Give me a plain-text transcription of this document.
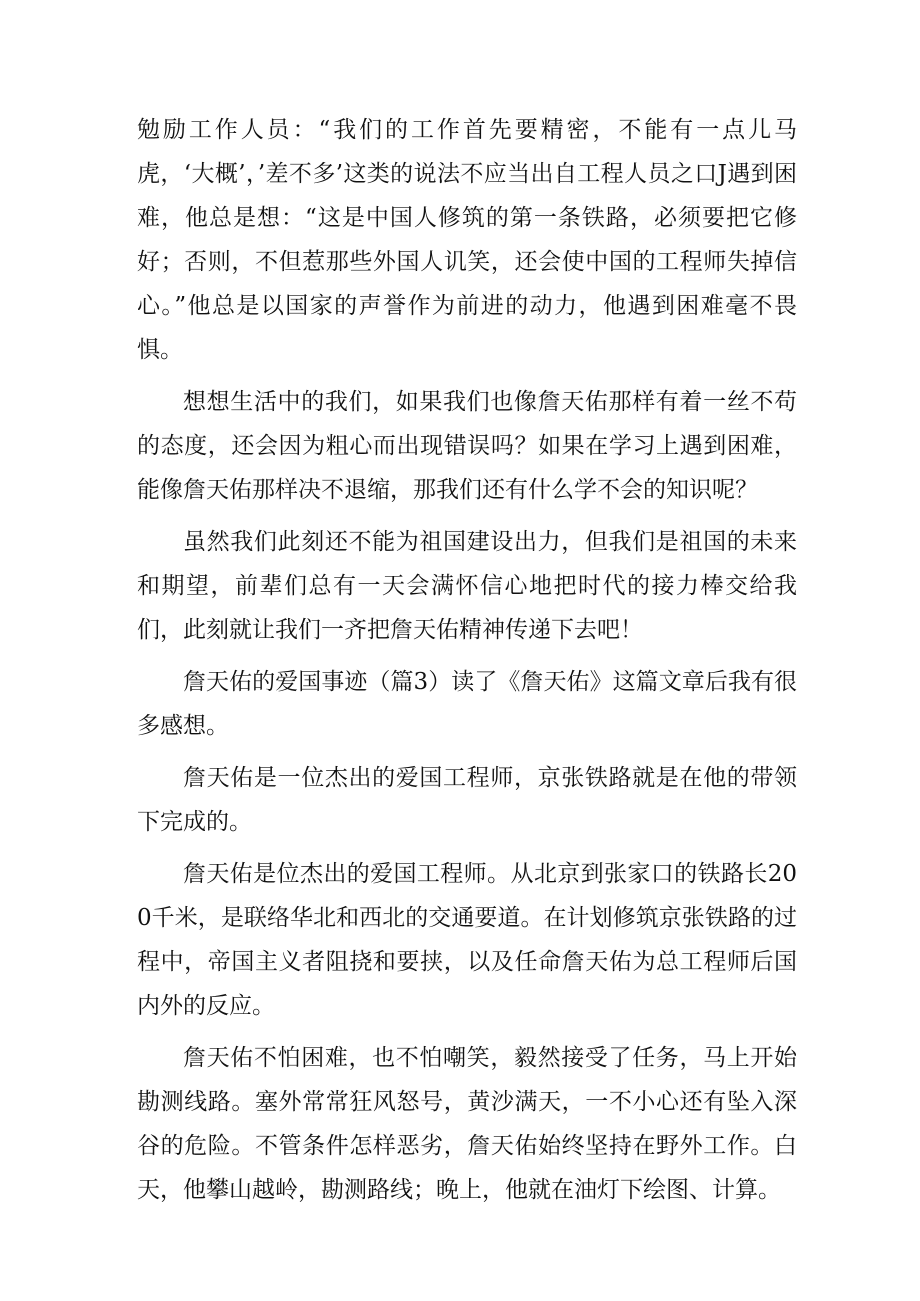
勉励工作人员：“我们的工作首先要精密，不能有一点儿马虎，‘大概’，’差不多’这类的说法不应当出自工程人员之口J遇到困难，他总是想：“这是中国人修筑的第一条铁路，必须要把它修好；否则，不但惹那些外国人讥笑，还会使中国的工程师失掉信心。”他总是以国家的声誉作为前进的动力，他遇到困难毫不畏惧。

想想生活中的我们，如果我们也像詹天佑那样有着一丝不苟的态度，还会因为粗心而出现错误吗？如果在学习上遇到困难，能像詹天佑那样决不退缩，那我们还有什么学不会的知识呢？

虽然我们此刻还不能为祖国建设出力，但我们是祖国的未来和期望，前辈们总有一天会满怀信心地把时代的接力棒交给我们，此刻就让我们一齐把詹天佑精神传递下去吧！

詹天佑的爱国事迹（篇3）读了《詹天佑》这篇文章后我有很多感想。

詹天佑是一位杰出的爱国工程师，京张铁路就是在他的带领下完成的。

詹天佑是位杰出的爱国工程师。从北京到张家口的铁路长200千米，是联络华北和西北的交通要道。在计划修筑京张铁路的过程中，帝国主义者阻挠和要挟，以及任命詹天佑为总工程师后国内外的反应。

詹天佑不怕困难，也不怕嘲笑，毅然接受了任务，马上开始勘测线路。塞外常常狂风怒号，黄沙满天，一不小心还有坠入深谷的危险。不管条件怎样恶劣，詹天佑始终坚持在野外工作。白天，他攀山越岭，勘测路线；晚上，他就在油灯下绘图、计算。
